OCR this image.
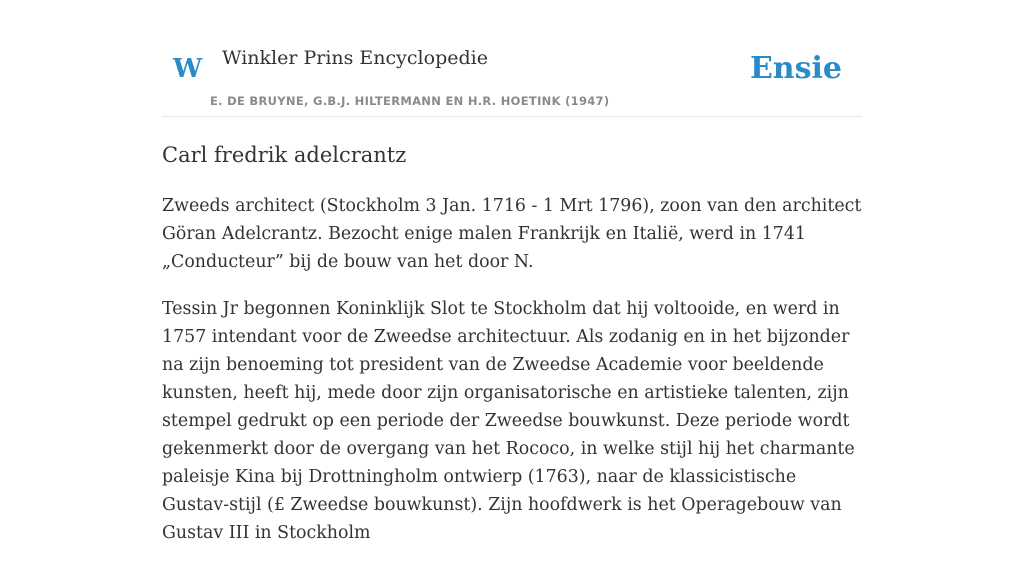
W Winkler Prins Encyclopedie
E. DE BRUYNE, G.B.J. HILTERMANN EN H.R. HOETINK (1947)
Ensie
Carl fredrik adelcrantz

Zweeds architect (Stockholm 3 Jan. 1716 - 1 Mrt 1796), zoon van den architect Göran Adelcrantz. Bezocht enige malen Frankrijk en Italië, werd in 1741 „Conducteur” bij de bouw van het door N.

Tessin Jr begonnen Koninklijk Slot te Stockholm dat hij voltooide, en werd in 1757 intendant voor de Zweedse architectuur. Als zodanig en in het bijzonder na zijn benoeming tot president van de Zweedse Academie voor beeldende kunsten, heeft hij, mede door zijn organisatorische en artistieke talenten, zijn stempel gedrukt op een periode der Zweedse bouwkunst. Deze periode wordt gekenmerkt door de overgang van het Rococo, in welke stijl hij het charmante paleisje Kina bij Drottningholm ontwierp (1763), naar de klassicistische Gustav-stijl (£ Zweedse bouwkunst). Zijn hoofdwerk is het Operagebouw van Gustav III in Stockholm
